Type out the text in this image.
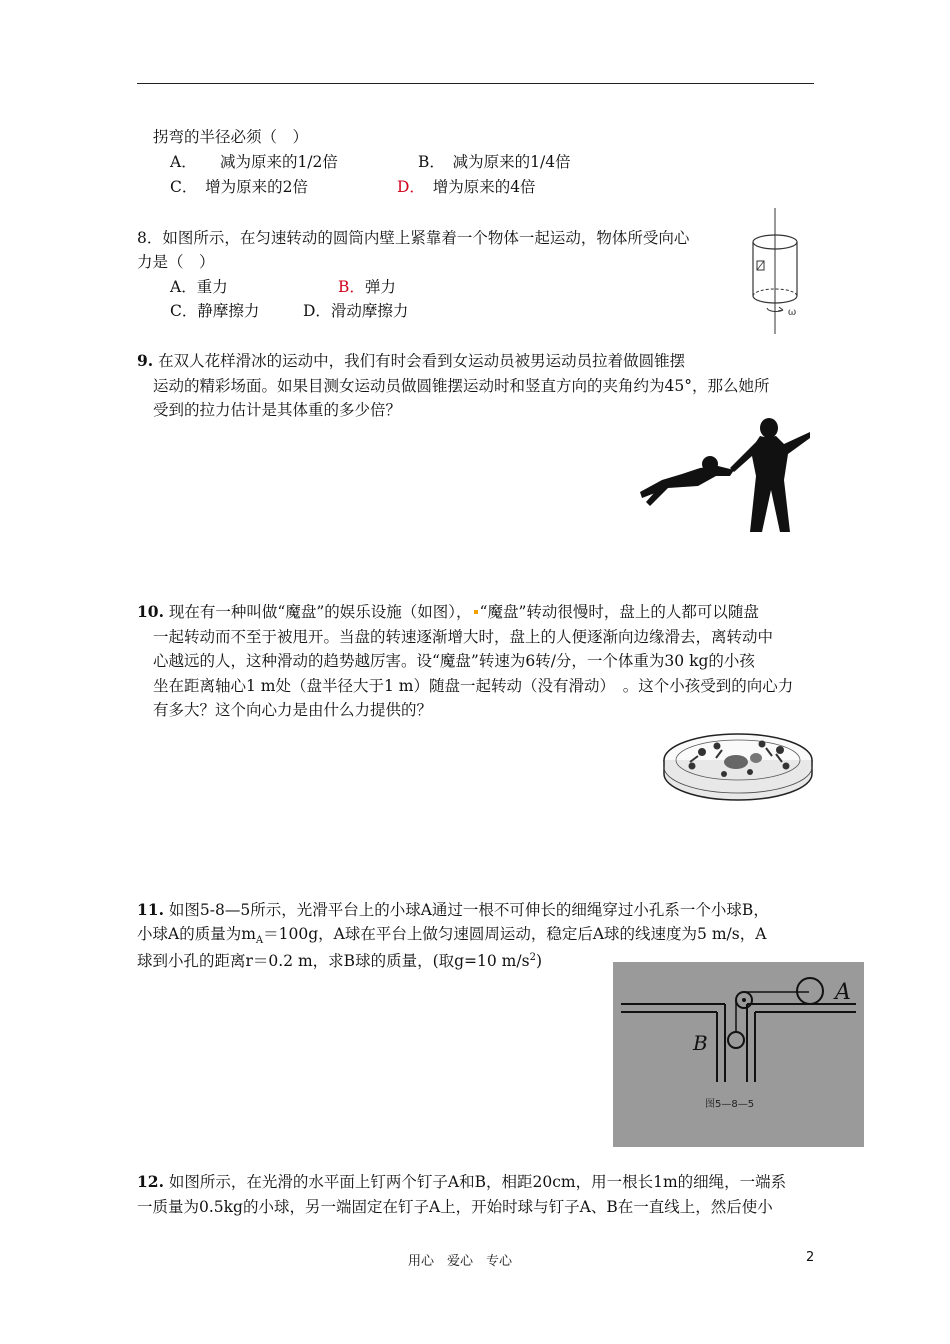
拐弯的半径必须（　）
A．　　减为原来的1/2倍	B．　减为原来的1/4倍
C．　增为原来的2倍	D．　增为原来的4倍
8．如图所示，在匀速转动的圆筒内壁上紧靠着一个物体一起运动，物体所受向心
力是（　）
A．重力	B．弹力
C．静摩擦力	D．滑动摩擦力	ω
9. 在双人花样滑冰的运动中，我们有时会看到女运动员被男运动员拉着做圆锥摆
运动的精彩场面。如果目测女运动员做圆锥摆运动时和竖直方向的夹角约为45°，那么她所
受到的拉力估计是其体重的多少倍？
10. 现在有一种叫做“魔盘”的娱乐设施（如图）， “魔盘”转动很慢时，盘上的人都可以随盘
一起转动而不至于被甩开。当盘的转速逐渐增大时，盘上的人便逐渐向边缘滑去，离转动中
心越远的人，这种滑动的趋势越厉害。设“魔盘”转速为6转/分，一个体重为30 kg的小孩
坐在距离轴心1 m处（盘半径大于1 m）随盘一起转动（没有滑动）　。这个小孩受到的向心力
有多大？这个向心力是由什么力提供的？
11. 如图5-8—5所示，光滑平台上的小球A通过一根不可伸长的细绳穿过小孔系一个小球B，
小球A的质量为$m_A=100g$，A球在平台上做匀速圆周运动，稳定后A球的线速度为5 m/s，A
球到小孔的距离r＝0.2 m，求B球的质量，(取g=10 $m/s^2$)
A
B
图5—8—5
12. 如图所示，在光滑的水平面上钉两个钉子A和B，相距20cm，用一根长1m的细绳，一端系
一质量为0.5kg的小球，另一端固定在钉子A上，开始时球与钉子A、B在一直线上，然后使小
用心　爱心　专心	2
